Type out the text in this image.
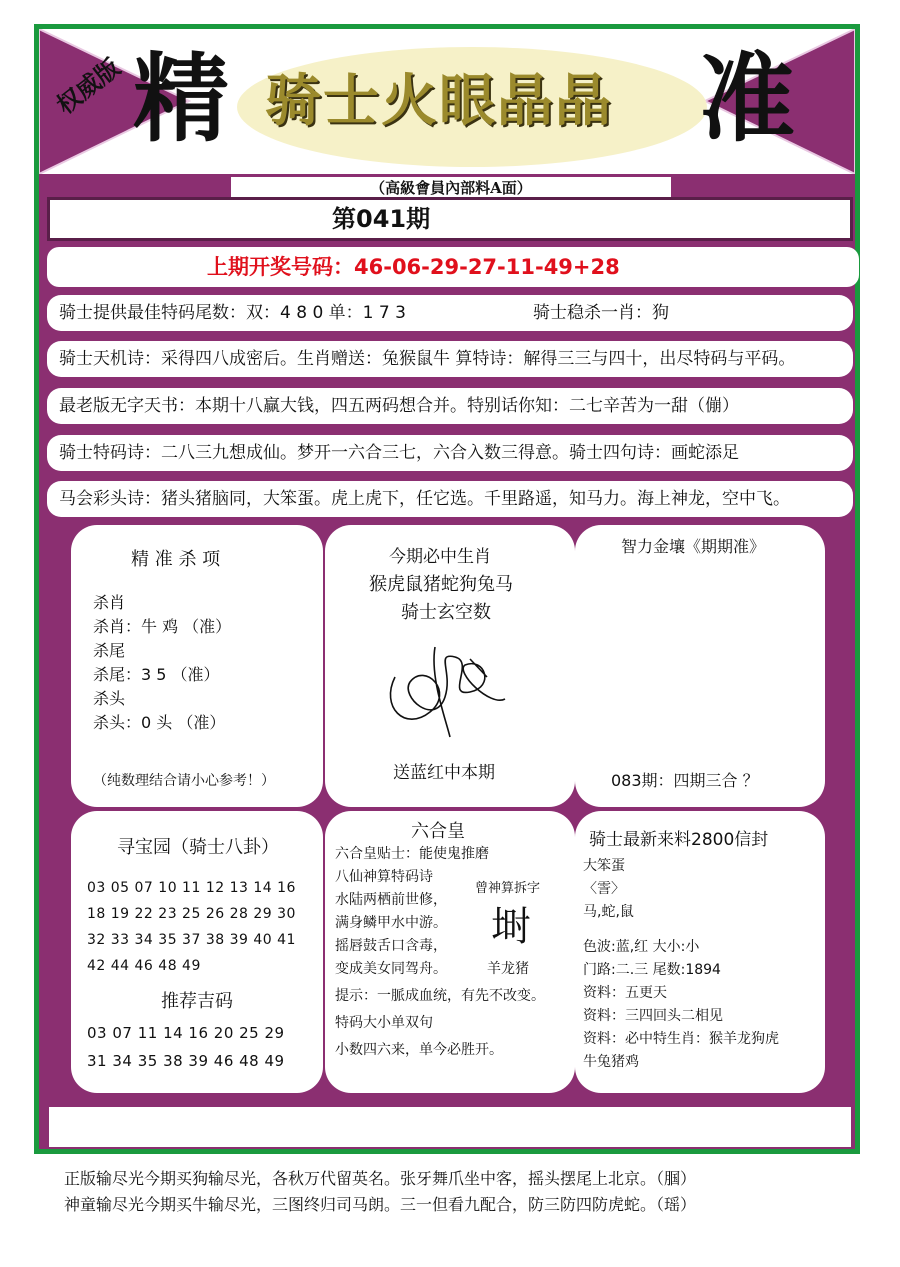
权威版 精 骑士火眼晶晶 准
（高級會員內部料A面）
第041期
上期开奖号码：46-06-29-27-11-49+28
骑士提供最佳特码尾数：双：4 8 0 单：1 7 3	骑士稳杀一肖：狗
骑士天机诗：采得四八成密后。生肖赠送：兔猴鼠牛 算特诗：解得三三与四十，出尽特码与平码。
最老版无字天书：本期十八赢大钱，四五两码想合并。特别话你知：二七辛苦为一甜（傰）
骑士特码诗：二八三九想成仙。梦开一六合三七，六合入数三得意。骑士四句诗：画蛇添足
马会彩头诗：猪头猪脑同，大笨蛋。虎上虎下，任它选。千里路遥，知马力。海上神龙，空中飞。
精 准 杀 项
杀肖
杀肖：牛 鸡 （准）
杀尾
杀尾：3 5 （准）
杀头
杀头：0 头 （准）
（纯数理结合请小心参考！）
今期必中生肖
猴虎鼠猪蛇狗兔马
骑士玄空数
送蓝红中本期
智力金壤《期期准》
083期：四期三合 ？
寻宝园（骑士八卦）
03 05 07 10 11 12 13 14 16
18 19 22 23 25 26 28 29 30
32 33 34 35 37 38 39 40 41
42 44 46 48 49
推荐吉码
03 07 11 14 16 20 25 29
31 34 35 38 39 46 48 49
六合皇
六合皇贴士：能使鬼推磨
八仙神算特码诗
水陆两栖前世修，
满身鳞甲水中游。
摇唇鼓舌口含毒，
变成美女同驾舟。
曾神算拆字
埘
羊龙猪
提示：一脈成血统，有先不改变。
特码大小单双句
小数四六来，单今必胜开。
骑士最新来料2800信封
大笨蛋
〈霅〉
马,蛇,鼠
色波:蓝,红 大小:小
门路:二.三 尾数:1894
资料：五更天
资料：三四回头二相见
资料：必中特生肖：猴羊龙狗虎
牛兔猪鸡
正版输尽光今期买狗输尽光，各秋万代留英名。张牙舞爪坐中客，摇头摆尾上北京。（腘）
神童输尽光今期买牛输尽光，三图终归司马朗。三一但看九配合，防三防四防虎蛇。（瑶）
